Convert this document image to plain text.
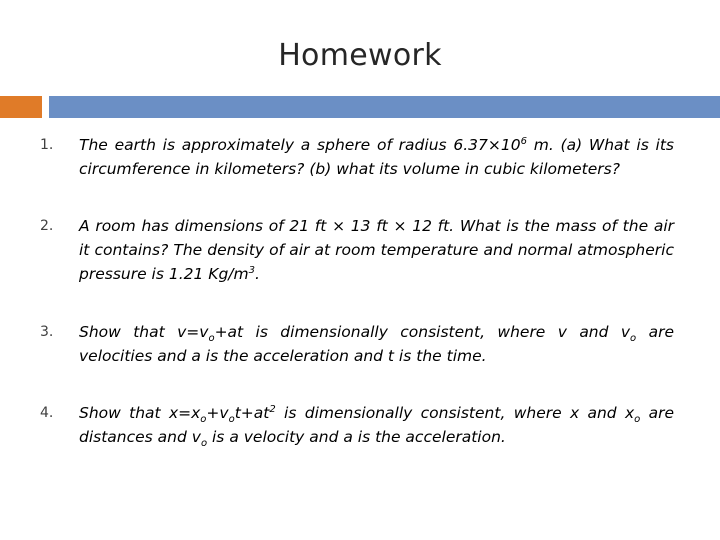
Homework
1. The earth is approximately a sphere of radius $6.37\times 10^6$ m. (a) What is its circumference in kilometers? (b) what its volume in cubic kilometers?
2. A room has dimensions of 21 ft × 13 ft × 12 ft. What is the mass of the air it contains? The density of air at room temperature and normal atmospheric pressure is 1.21 $Kg/m^3$.
3. Show that $v=v_o+at$ is dimensionally consistent, where v and $v_o$ are velocities and a is the acceleration and t is the time.
4. Show that $x=x_o+v_ot+at^2$ is dimensionally consistent, where x and $x_o$ are distances and $v_o$ is a velocity and a is the acceleration.
